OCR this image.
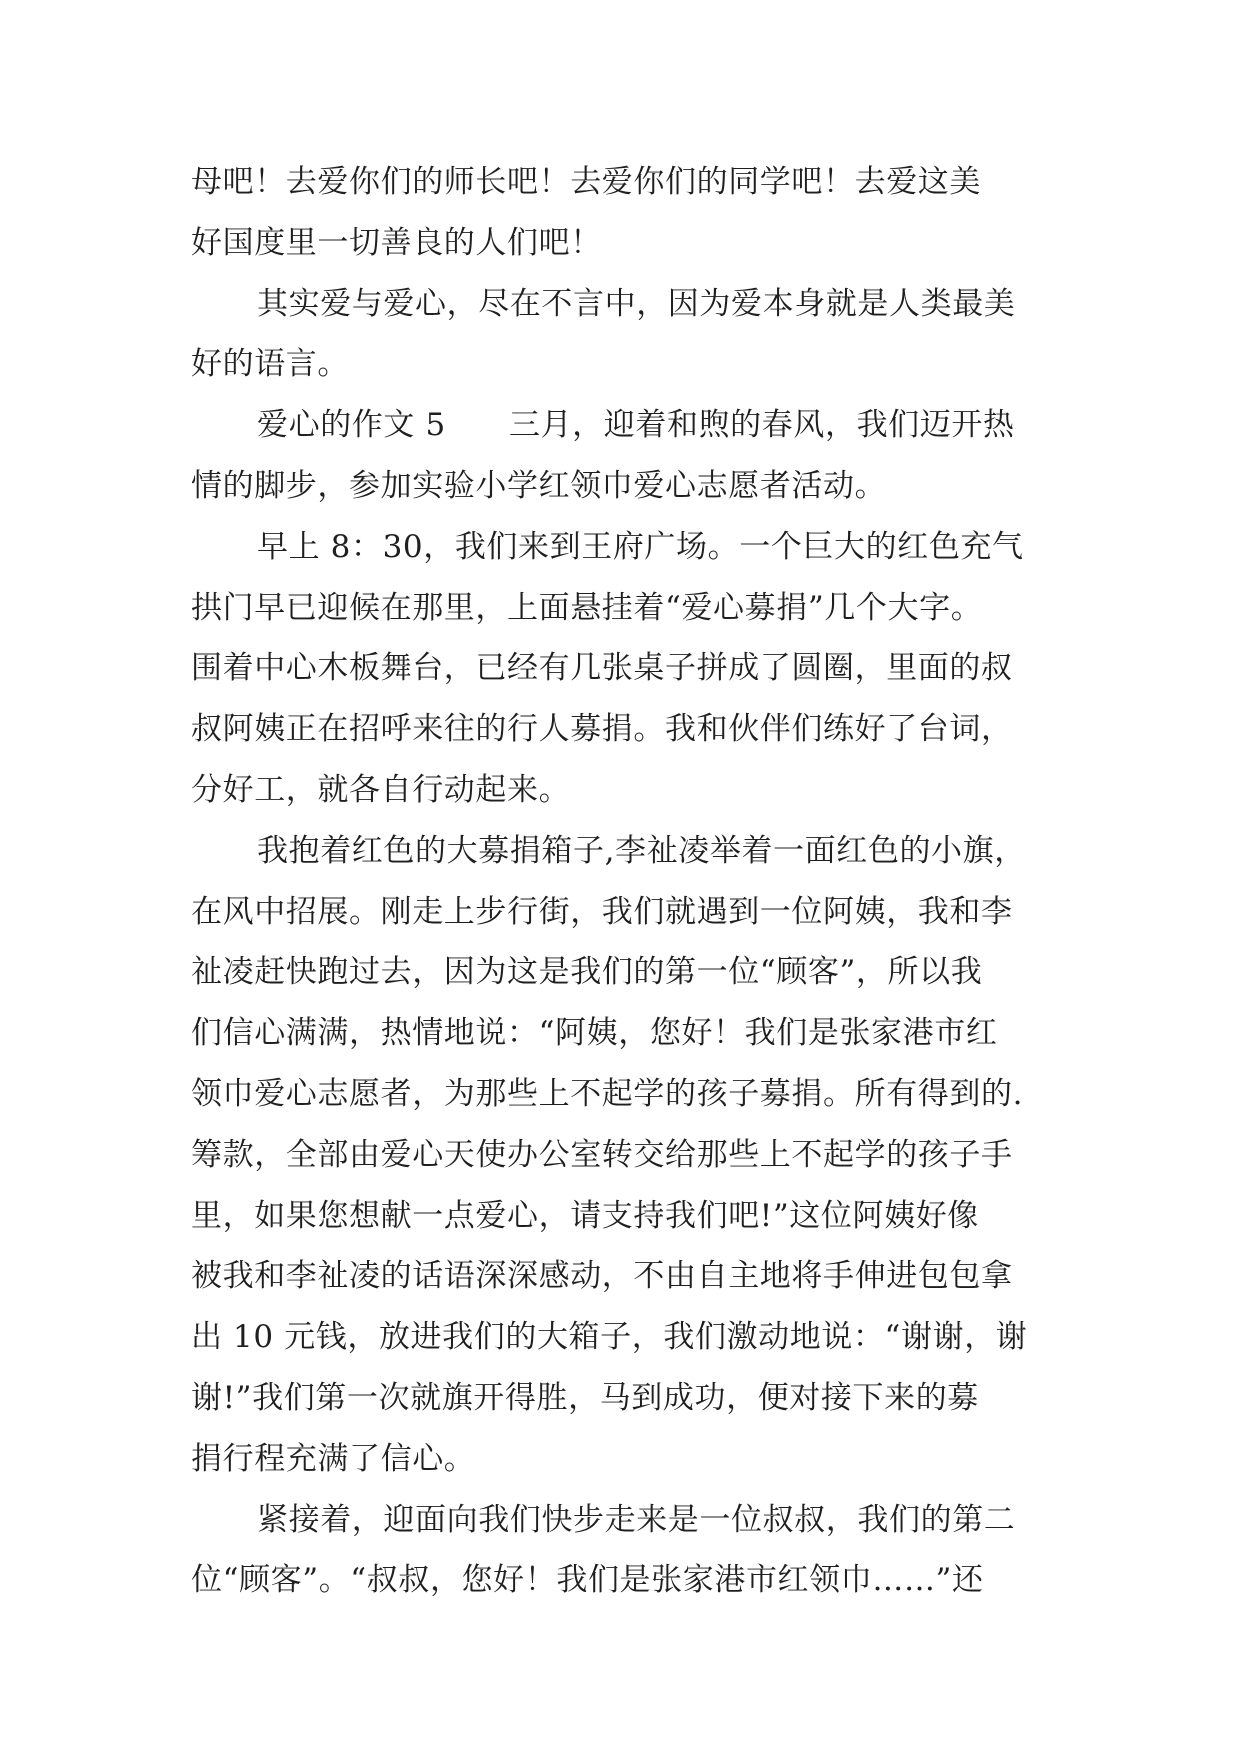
母吧！去爱你们的师长吧！去爱你们的同学吧！去爱这美
好国度里一切善良的人们吧！
其实爱与爱心，尽在不言中，因为爱本身就是人类最美
好的语言。
爱心的作文 5　　三月，迎着和煦的春风，我们迈开热
情的脚步，参加实验小学红领巾爱心志愿者活动。
早上 8：30，我们来到王府广场。一个巨大的红色充气
拱门早已迎候在那里，上面悬挂着“爱心募捐”几个大字。
围着中心木板舞台，已经有几张桌子拼成了圆圈，里面的叔
叔阿姨正在招呼来往的行人募捐。我和伙伴们练好了台词，
分好工，就各自行动起来。
我抱着红色的大募捐箱子,李祉凌举着一面红色的小旗，
在风中招展。刚走上步行街，我们就遇到一位阿姨，我和李
祉凌赶快跑过去，因为这是我们的第一位“顾客”，所以我
们信心满满，热情地说：“阿姨，您好！我们是张家港市红
领巾爱心志愿者，为那些上不起学的孩子募捐。所有得到的.
筹款，全部由爱心天使办公室转交给那些上不起学的孩子手
里，如果您想献一点爱心，请支持我们吧!”这位阿姨好像
被我和李祉凌的话语深深感动，不由自主地将手伸进包包拿
出 10 元钱，放进我们的大箱子，我们激动地说：“谢谢，谢
谢!”我们第一次就旗开得胜，马到成功，便对接下来的募
捐行程充满了信心。
紧接着，迎面向我们快步走来是一位叔叔，我们的第二
位“顾客”。“叔叔，您好！我们是张家港市红领巾……”还
